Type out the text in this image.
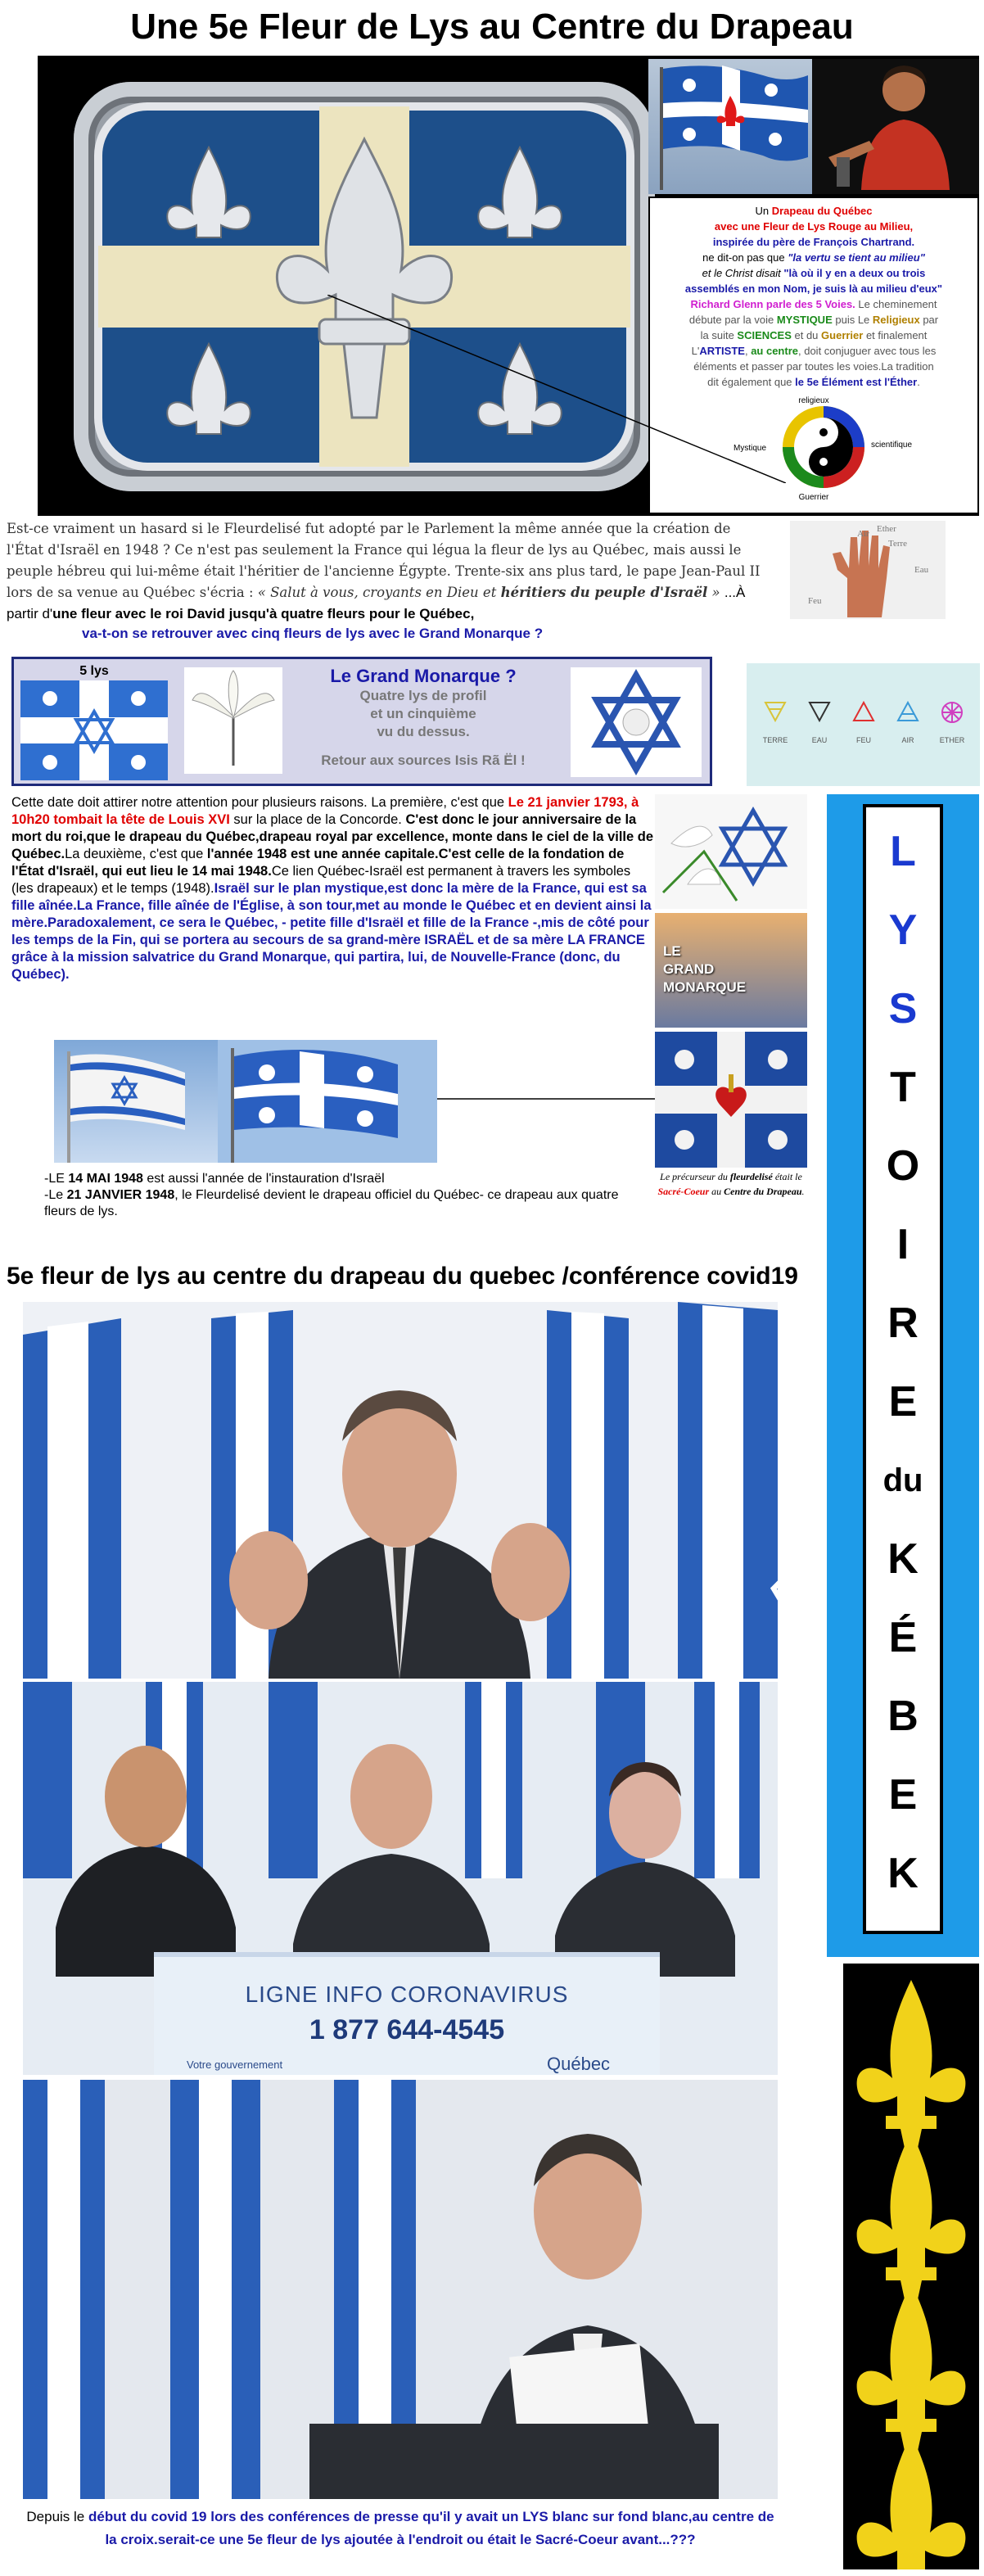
Une 5e Fleur de Lys au Centre du Drapeau
Un Drapeau du Québec
avec une Fleur de Lys Rouge au Milieu,
inspirée du père de François Chartrand.
ne dit-on pas que "la vertu se tient au milieu"
et le Christ disait "là où il y en a deux ou trois
assemblés en mon Nom, je suis là au milieu d'eux"
Richard Glenn parle des 5 Voies. Le cheminement
débute par la voie MYSTIQUE puis Le Religieux par
la suite SCIENCES et du Guerrier et finalement
L'ARTISTE, au centre, doit conjuguer avec tous les
éléments et passer par toutes les voies.La tradition
dit également que le 5e Élément est l'Éther.
religieux
Mystique	scientifique
Guerrier
Est-ce vraiment un hasard si le Fleurdelisé fut adopté par le Parlement la même année que la création de l'État d'Israël en 1948 ? Ce n'est pas seulement la France qui légua la fleur de lys au Québec, mais aussi le peuple hébreu qui lui-même était l'héritier de l'ancienne Égypte. Trente-six ans plus tard, le pape Jean-Paul II lors de sa venue au Québec s'écria : « Salut à vous, croyants en Dieu et héritiers du peuple d'Israël » ...À partir d'une fleur avec le roi David jusqu'à quatre fleurs pour le Québec,
va-t-on se retrouver avec cinq fleurs de lys avec le Grand Monarque ?
Ether
Terre
Air
Eau
Feu
5 lys	Le Grand Monarque ?
Quatre lys de profil
et un cinquième
vu du dessus.
Retour aux sources Isis Rã Ël !
TERRE	EAU	FEU	AIR	ETHER
Cette date doit attirer notre attention pour plusieurs raisons. La première, c'est que Le 21 janvier 1793, à 10h20 tombait la tête de Louis XVI sur la place de la Concorde. C'est donc le jour anniversaire de la mort du roi,que le drapeau du Québec,drapeau royal par excellence, monte dans le ciel de la ville de Québec.La deuxième, c'est que l'année 1948 est une année capitale.C'est celle de la fondation de l'État d'Israël, qui eut lieu le 14 mai 1948.Ce lien Québec-Israël est permanent à travers les symboles (les drapeaux) et le temps (1948).Israël sur le plan mystique,est donc la mère de la France, qui est sa fille aînée.La France, fille aînée de l'Église, à son tour,met au monde le Québec et en devient ainsi la mère.Paradoxalement, ce sera le Québec, - petite fille d'Israël et fille de la France -,mis de côté pour les temps de la Fin, qui se portera au secours de sa grand-mère ISRAËL et de sa mère LA FRANCE grâce à la mission salvatrice du Grand Monarque, qui partira, lui, de Nouvelle-France (donc, du Québec).
LE
GRAND
MONARQUE
Le précurseur du fleurdelisé était le Sacré-Coeur au Centre du Drapeau.
-LE 14 MAI 1948 est aussi l'année de l'instauration d'Israël
-Le 21 JANVIER 1948, le Fleurdelisé devient le drapeau officiel du Québec- ce drapeau aux quatre fleurs de lys.
5e fleur de lys au centre du drapeau du quebec /conférence covid19
LIGNE INFO CORONAVIRUS
1 877 644-4545
Votre gouvernement	Québec
Depuis le début du covid 19 lors des conférences de presse qu'il y avait un LYS blanc sur fond blanc,au centre de la croix.serait-ce une 5e fleur de lys ajoutée à l'endroit ou était le Sacré-Coeur avant...???
L
Y
S
T
O
I
R
E
du
K
É
B
E
K
